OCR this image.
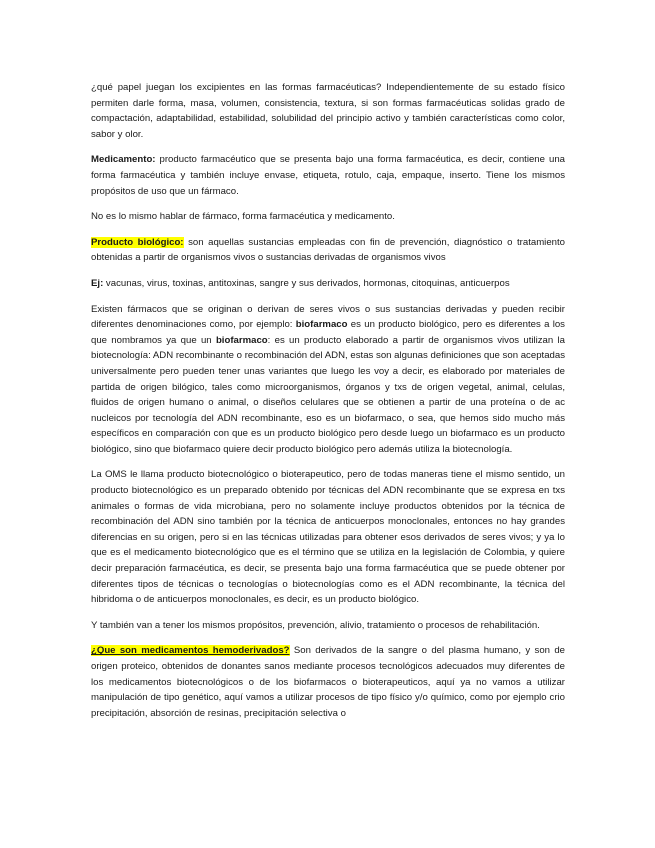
¿qué papel juegan los excipientes en las formas farmacéuticas? Independientemente de su estado físico permiten darle forma, masa, volumen, consistencia, textura, si son formas farmacéuticas solidas grado de compactación, adaptabilidad, estabilidad, solubilidad del principio activo y también características como color, sabor y olor.

Medicamento: producto farmacéutico que se presenta bajo una forma farmacéutica, es decir, contiene una forma farmacéutica y también incluye envase, etiqueta, rotulo, caja, empaque, inserto. Tiene los mismos propósitos de uso que un fármaco.

No es lo mismo hablar de fármaco, forma farmacéutica y medicamento.

Producto biológico: son aquellas sustancias empleadas con fin de prevención, diagnóstico o tratamiento obtenidas a partir de organismos vivos o sustancias derivadas de organismos vivos

Ej: vacunas, virus, toxinas, antitoxinas, sangre y sus derivados, hormonas, citoquinas, anticuerpos

Existen fármacos que se originan o derivan de seres vivos o sus sustancias derivadas y pueden recibir diferentes denominaciones como, por ejemplo: biofarmaco es un producto biológico, pero es diferentes a los que nombramos ya que un biofarmaco: es un producto elaborado a partir de organismos vivos utilizan la biotecnología: ADN recombinante o recombinación del ADN, estas son algunas definiciones que son aceptadas universalmente pero pueden tener unas variantes que luego les voy a decir, es elaborado por materiales de partida de origen bilógico, tales como microorganismos, órganos y txs de origen vegetal, animal, celulas, fluidos de origen humano o animal, o diseños celulares que se obtienen a partir de una proteína o de ac nucleicos por tecnología del ADN recombinante, eso es un biofarmaco, o sea, que hemos sido mucho más específicos en comparación con que es un producto biológico pero desde luego un biofarmaco es un producto biológico, sino que biofarmaco quiere decir producto biológico pero además utiliza la biotecnología.

La OMS le llama producto biotecnológico o bioterapeutico, pero de todas maneras tiene el mismo sentido, un producto biotecnológico es un preparado obtenido por técnicas del ADN recombinante que se expresa en txs animales o formas de vida microbiana, pero no solamente incluye productos obtenidos por la técnica de recombinación del ADN sino también por la técnica de anticuerpos monoclonales, entonces no hay grandes diferencias en su origen, pero si en las técnicas utilizadas para obtener esos derivados de seres vivos; y ya lo que es el medicamento biotecnológico que es el término que se utiliza en la legislación de Colombia, y quiere decir preparación farmacéutica, es decir, se presenta bajo una forma farmacéutica que se puede obtener por diferentes tipos de técnicas o tecnologías o biotecnologías como es el ADN recombinante, la técnica del hibridoma o de anticuerpos monoclonales, es decir, es un producto biológico.

Y también van a tener los mismos propósitos, prevención, alivio, tratamiento o procesos de rehabilitación.

¿Que son medicamentos hemoderivados? Son derivados de la sangre o del plasma humano, y son de origen proteico, obtenidos de donantes sanos mediante procesos tecnológicos adecuados muy diferentes de los medicamentos biotecnológicos o de los biofarmacos o bioterapeuticos, aquí ya no vamos a utilizar manipulación de tipo genético, aquí vamos a utilizar procesos de tipo físico y/o químico, como por ejemplo crio precipitación, absorción de resinas, precipitación selectiva o
